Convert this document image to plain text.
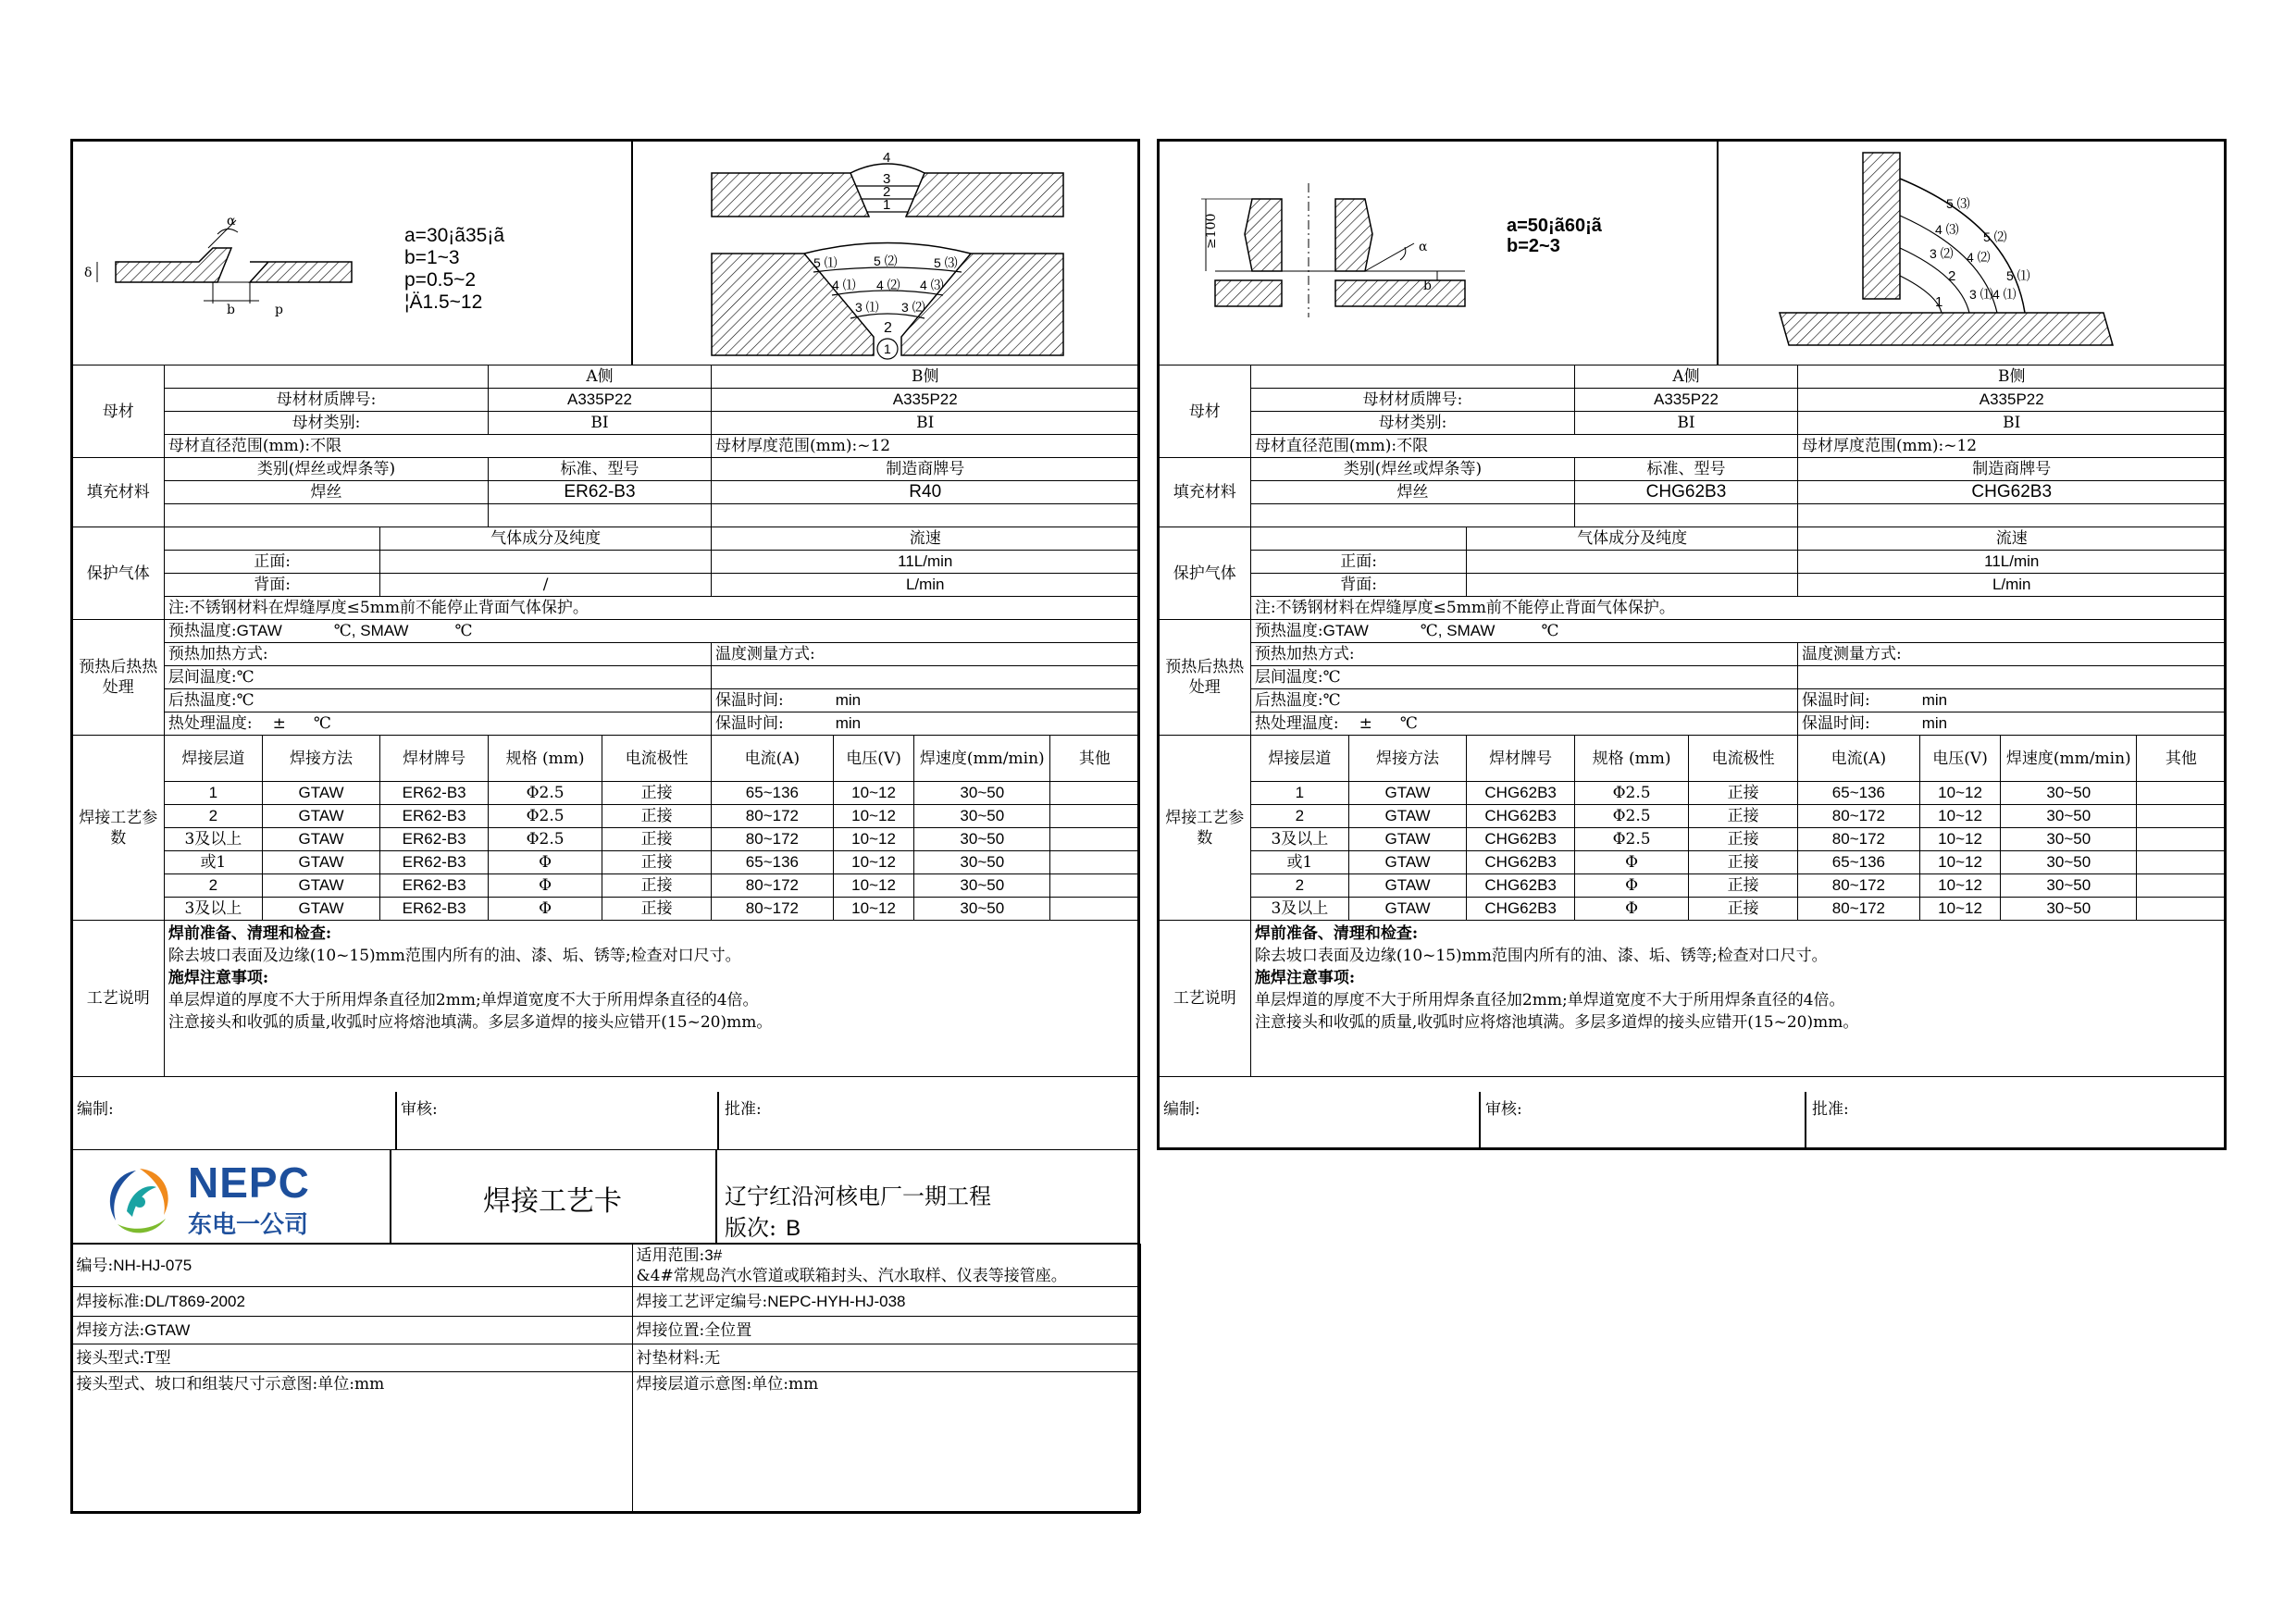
α
b	p
δ
a=30¡ã35¡ã
b=1~3
p=0.5~2
¦Ä1.5~12
4
3
2
1
1
2
3 ⑴ 3 ⑵
4 ⑴ 4 ⑵ 4 ⑶
5 ⑴	5 ⑵	5 ⑶
母材				A侧		B侧			
	母材材质牌号:			A335P22		A335P22			
	母材类别:			BⅠ		BⅠ			
	母材直径范围(mm):不限					母材厚度范围(mm):~12			
填充材料	类别(焊丝或焊条等)			标准、型号		制造商牌号			
	焊丝			ER62-B3		R40			

保护气体			气体成分及纯度			流速			
	正面:					11L/min			
	背面:		/			L/min			
	注:不锈钢材料在焊缝厚度≤5mm前不能停止背面气体保护。								
预热后热热处理	预热温度:GTAW ℃, SMAW ℃								
	预热加热方式:					温度测量方式:			
	层间温度:℃								
	后热温度:℃					保温时间: min			
	热处理温度: ± ℃					保温时间: min			
焊接工艺参数	焊接层道	焊接方法	焊材牌号	规格 (mm)	电流极性	电流(A)	电压(V)	焊速度(mm/min)	其他
	1	GTAW	ER62-B3	Φ2.5	正接	65~136	10~12	30~50	
	2	GTAW	ER62-B3	Φ2.5	正接	80~172	10~12	30~50	
	3及以上	GTAW	ER62-B3	Φ2.5	正接	80~172	10~12	30~50	
	或1	GTAW	ER62-B3	Φ	正接	65~136	10~12	30~50	
	2	GTAW	ER62-B3	Φ	正接	80~172	10~12	30~50	
	3及以上	GTAW	ER62-B3	Φ	正接	80~172	10~12	30~50	
工艺说明	焊前准备、清理和检查:
除去坡口表面及边缘(10~15)mm范围内所有的油、漆、垢、锈等;检查对口尺寸。
施焊注意事项:
单层焊道的厚度不大于所用焊条直径加2mm;单焊道宽度不大于所用焊条直径的4倍。
注意接头和收弧的质量,收弧时应将熔池填满。多层多道焊的接头应错开(15~20)mm。								
编制:	审核:	批准:
NEPC
东电一公司
焊接工艺卡	辽宁红沿河核电厂一期工程
版次: B
编号:NH-HJ-075	适用范围:3#
&4#常规岛汽水管道或联箱封头、汽水取样、仪表等接管座。
焊接标准:DL/T869-2002	焊接工艺评定编号:NEPC-HYH-HJ-038
焊接方法:GTAW	焊接位置:全位置
接头型式:T型	衬垫材料:无
接头型式、坡口和组装尺寸示意图:单位:mm	焊接层道示意图:单位:mm
≥100	α
b
a=50¡ã60¡ã
b=2~3
1
2
3 ⑵
3 ⑴
4 ⑶
4 ⑵
4 ⑴
5 ⑶
5 ⑵
5 ⑴
母材				A侧		B侧			
	母材材质牌号:			A335P22		A335P22			
	母材类别:			BⅠ		BⅠ			
	母材直径范围(mm):不限					母材厚度范围(mm):~12			
填充材料	类别(焊丝或焊条等)			标准、型号		制造商牌号			
	焊丝			CHG62B3		CHG62B3			

保护气体			气体成分及纯度			流速			
	正面:					11L/min			
	背面:					L/min			
	注:不锈钢材料在焊缝厚度≤5mm前不能停止背面气体保护。								
预热后热热处理	预热温度:GTAW ℃, SMAW ℃								
	预热加热方式:					温度测量方式:			
	层间温度:℃								
	后热温度:℃					保温时间: min			
	热处理温度: ± ℃					保温时间: min			
焊接工艺参数	焊接层道	焊接方法	焊材牌号	规格 (mm)	电流极性	电流(A)	电压(V)	焊速度(mm/min)	其他
	1	GTAW	CHG62B3	Φ2.5	正接	65~136	10~12	30~50	
	2	GTAW	CHG62B3	Φ2.5	正接	80~172	10~12	30~50	
	3及以上	GTAW	CHG62B3	Φ2.5	正接	80~172	10~12	30~50	
	或1	GTAW	CHG62B3	Φ	正接	65~136	10~12	30~50	
	2	GTAW	CHG62B3	Φ	正接	80~172	10~12	30~50	
	3及以上	GTAW	CHG62B3	Φ	正接	80~172	10~12	30~50	
工艺说明	焊前准备、清理和检查:
除去坡口表面及边缘(10~15)mm范围内所有的油、漆、垢、锈等;检查对口尺寸。
施焊注意事项:
单层焊道的厚度不大于所用焊条直径加2mm;单焊道宽度不大于所用焊条直径的4倍。
注意接头和收弧的质量,收弧时应将熔池填满。多层多道焊的接头应错开(15~20)mm。								
编制:	审核:	批准:
